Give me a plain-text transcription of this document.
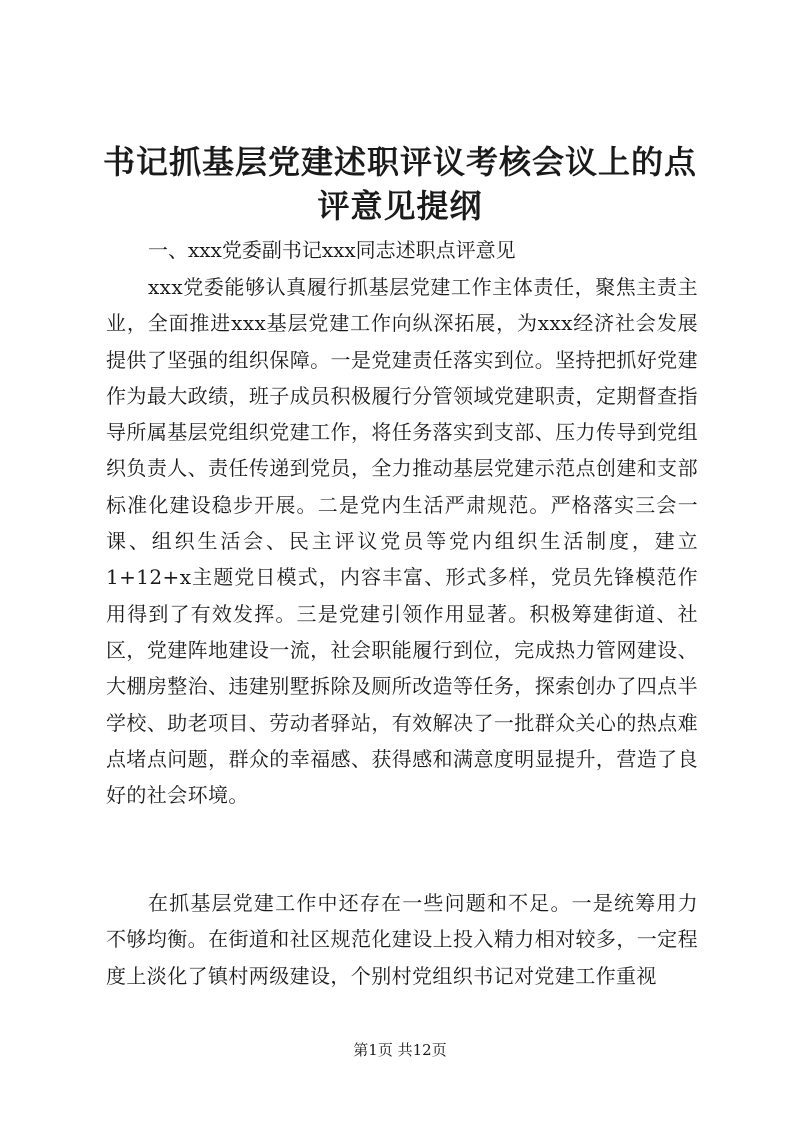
书记抓基层党建述职评议考核会议上的点评意见提纲

一、xxx党委副书记xxx同志述职点评意见

xxx党委能够认真履行抓基层党建工作主体责任，聚焦主责主业，全面推进xxx基层党建工作向纵深拓展，为xxx经济社会发展提供了坚强的组织保障。一是党建责任落实到位。坚持把抓好党建作为最大政绩，班子成员积极履行分管领域党建职责，定期督查指导所属基层党组织党建工作，将任务落实到支部、压力传导到党组织负责人、责任传递到党员，全力推动基层党建示范点创建和支部标准化建设稳步开展。二是党内生活严肃规范。严格落实三会一课、组织生活会、民主评议党员等党内组织生活制度，建立1+12+x主题党日模式，内容丰富、形式多样，党员先锋模范作用得到了有效发挥。三是党建引领作用显著。积极筹建街道、社区，党建阵地建设一流，社会职能履行到位，完成热力管网建设、大棚房整治、违建别墅拆除及厕所改造等任务，探索创办了四点半学校、助老项目、劳动者驿站，有效解决了一批群众关心的热点难点堵点问题，群众的幸福感、获得感和满意度明显提升，营造了良好的社会环境。

在抓基层党建工作中还存在一些问题和不足。一是统筹用力不够均衡。在街道和社区规范化建设上投入精力相对较多，一定程度上淡化了镇村两级建设，个别村党组织书记对党建工作重视

第1页 共12页
